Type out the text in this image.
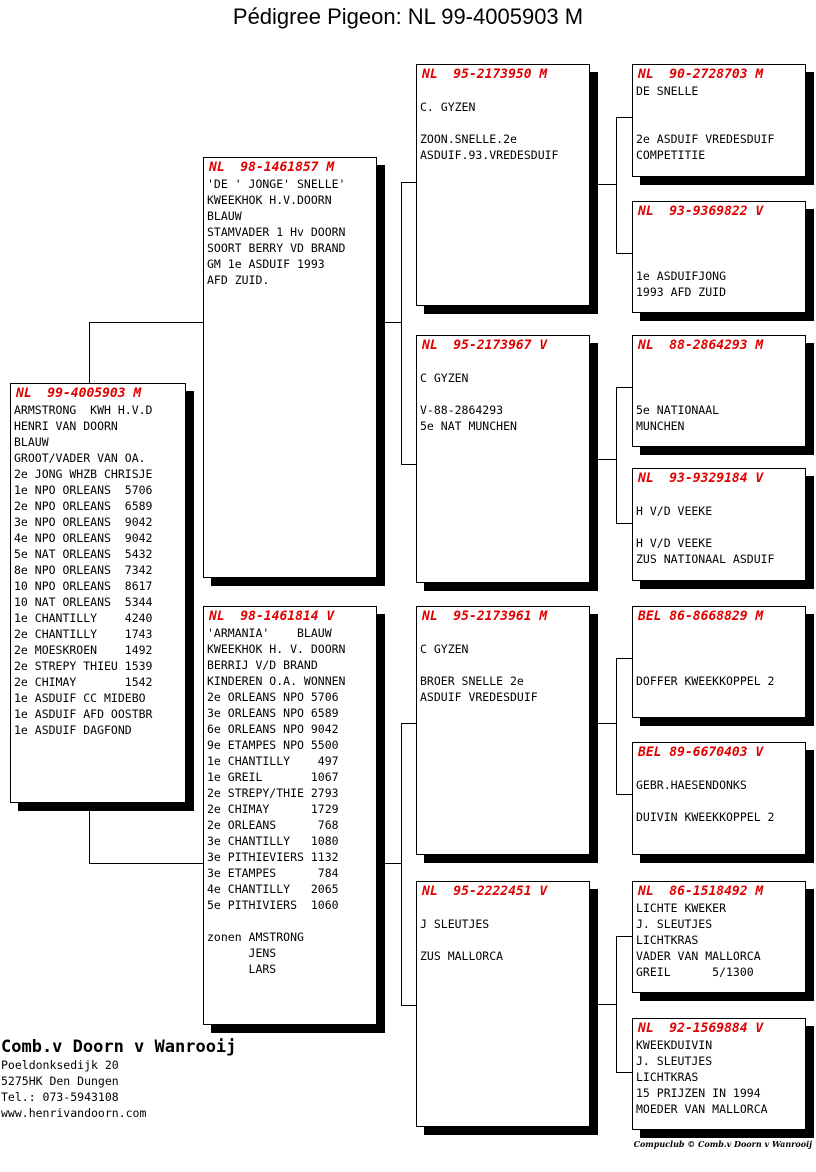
Pédigree Pigeon: NL 99-4005903 M
NL  99-4005903 M
ARMSTRONG  KWH H.V.D
HENRI VAN DOORN
BLAUW
GROOT/VADER VAN OA.
2e JONG WHZB CHRISJE
1e NPO ORLEANS  5706
2e NPO ORLEANS  6589
3e NPO ORLEANS  9042
4e NPO ORLEANS  9042
5e NAT ORLEANS  5432
8e NPO ORLEANS  7342
10 NPO ORLEANS  8617
10 NAT ORLEANS  5344
1e CHANTILLY    4240
2e CHANTILLY    1743
2e MOESKROEN    1492
2e STREPY THIEU 1539
2e CHIMAY       1542
1e ASDUIF CC MIDEBO
1e ASDUIF AFD OOSTBR
1e ASDUIF DAGFOND
NL  98-1461857 M
'DE ' JONGE' SNELLE'
KWEEKHOK H.V.DOORN
BLAUW
STAMVADER 1 Hv DOORN
SOORT BERRY VD BRAND
GM 1e ASDUIF 1993
AFD ZUID.
NL  98-1461814 V
'ARMANIA'    BLAUW
KWEEKHOK H. V. DOORN
BERRIJ V/D BRAND
KINDEREN O.A. WONNEN
2e ORLEANS NPO 5706
3e ORLEANS NPO 6589
6e ORLEANS NPO 9042
9e ETAMPES NPO 5500
1e CHANTILLY    497
1e GREIL       1067
2e STREPY/THIE 2793
2e CHIMAY      1729
2e ORLEANS      768
3e CHANTILLY   1080
3e PITHIEVIERS 1132
3e ETAMPES      784
4e CHANTILLY   2065
5e PITHIVIERS  1060
zonen AMSTRONG
JENS
LARS
NL  95-2173950 M
C. GYZEN
ZOON.SNELLE.2e
ASDUIF.93.VREDESDUIF
NL  95-2173967 V
C GYZEN
V-88-2864293
5e NAT MUNCHEN
NL  95-2173961 M
C GYZEN
BROER SNELLE 2e
ASDUIF VREDESDUIF
NL  95-2222451 V
J SLEUTJES
ZUS MALLORCA
NL  90-2728703 M
DE SNELLE
2e ASDUIF VREDESDUIF
COMPETITIE
NL  93-9369822 V
1e ASDUIFJONG
1993 AFD ZUID
NL  88-2864293 M
5e NATIONAAL
MUNCHEN
NL  93-9329184 V
H V/D VEEKE
H V/D VEEKE
ZUS NATIONAAL ASDUIF
BEL 86-8668829 M
DOFFER KWEEKKOPPEL 2
BEL 89-6670403 V
GEBR.HAESENDONKS
DUIVIN KWEEKKOPPEL 2
NL  86-1518492 M
LICHTE KWEKER
J. SLEUTJES
LICHTKRAS
VADER VAN MALLORCA
GREIL      5/1300
NL  92-1569884 V
KWEEKDUIVIN
J. SLEUTJES
LICHTKRAS
15 PRIJZEN IN 1994
MOEDER VAN MALLORCA
Comb.v Doorn v Wanrooij
Poeldonksedijk 20
5275HK Den Dungen
Tel.: 073-5943108
www.henrivandoorn.com
Compuclub © Comb.v Doorn v Wanrooij
